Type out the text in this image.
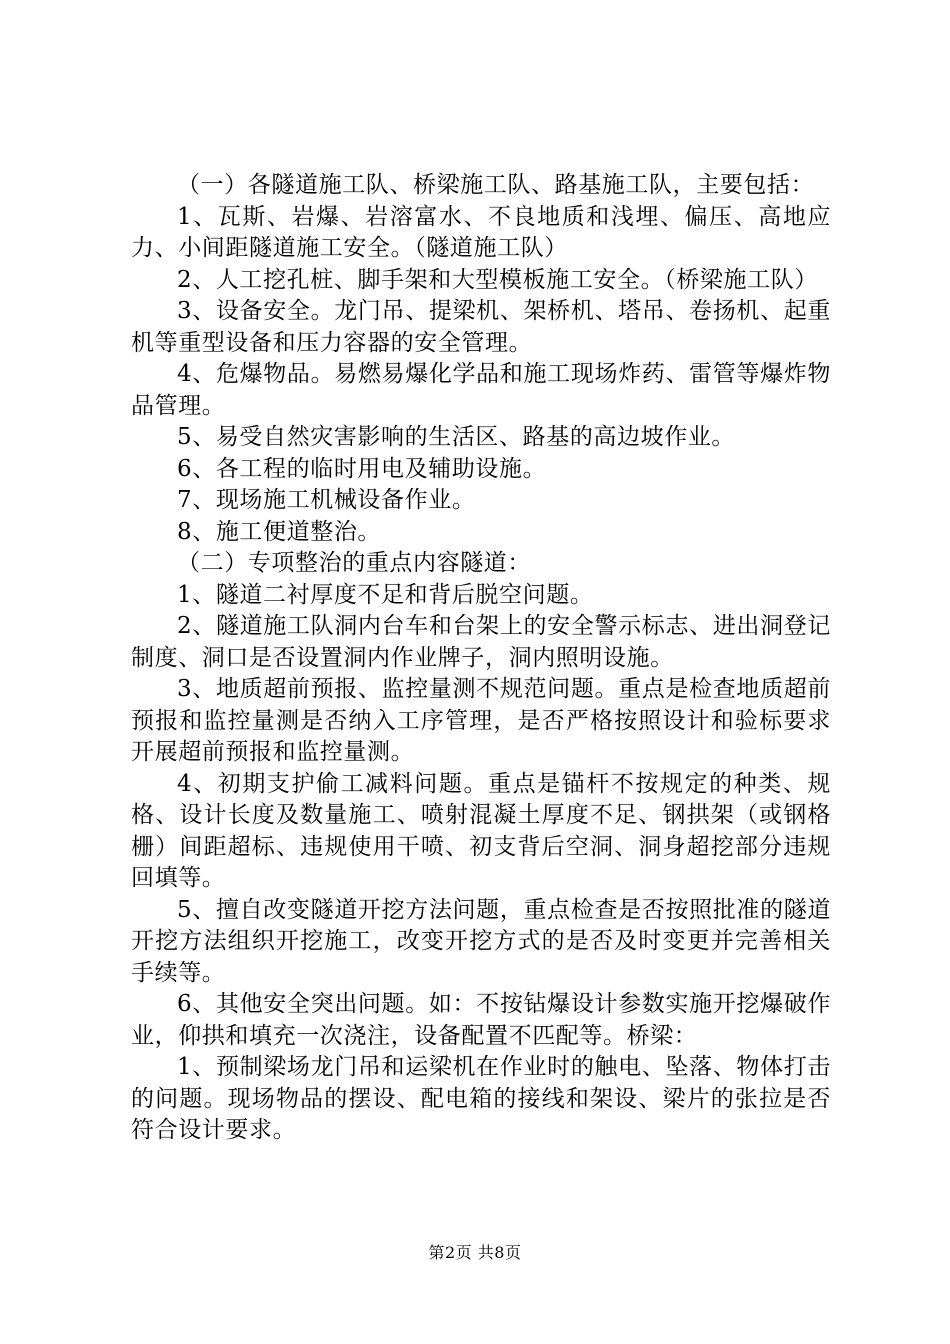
（一）各隧道施工队、桥梁施工队、路基施工队，主要包括：

1、瓦斯、岩爆、岩溶富水、不良地质和浅埋、偏压、高地应力、小间距隧道施工安全。（隧道施工队）

2、人工挖孔桩、脚手架和大型模板施工安全。（桥梁施工队）

3、设备安全。龙门吊、提梁机、架桥机、塔吊、卷扬机、起重机等重型设备和压力容器的安全管理。

4、危爆物品。易燃易爆化学品和施工现场炸药、雷管等爆炸物品管理。

5、易受自然灾害影响的生活区、路基的高边坡作业。

6、各工程的临时用电及辅助设施。

7、现场施工机械设备作业。

8、施工便道整治。

（二）专项整治的重点内容隧道：

1、隧道二衬厚度不足和背后脱空问题。

2、隧道施工队洞内台车和台架上的安全警示标志、进出洞登记制度、洞口是否设置洞内作业牌子，洞内照明设施。

3、地质超前预报、监控量测不规范问题。重点是检查地质超前预报和监控量测是否纳入工序管理，是否严格按照设计和验标要求开展超前预报和监控量测。

4、初期支护偷工减料问题。重点是锚杆不按规定的种类、规格、设计长度及数量施工、喷射混凝土厚度不足、钢拱架（或钢格栅）间距超标、违规使用干喷、初支背后空洞、洞身超挖部分违规回填等。

5、擅自改变隧道开挖方法问题，重点检查是否按照批准的隧道开挖方法组织开挖施工，改变开挖方式的是否及时变更并完善相关手续等。

6、其他安全突出问题。如：不按钻爆设计参数实施开挖爆破作业，仰拱和填充一次浇注，设备配置不匹配等。桥梁：

1、预制梁场龙门吊和运梁机在作业时的触电、坠落、物体打击的问题。现场物品的摆设、配电箱的接线和架设、梁片的张拉是否符合设计要求。

第2页 共8页
